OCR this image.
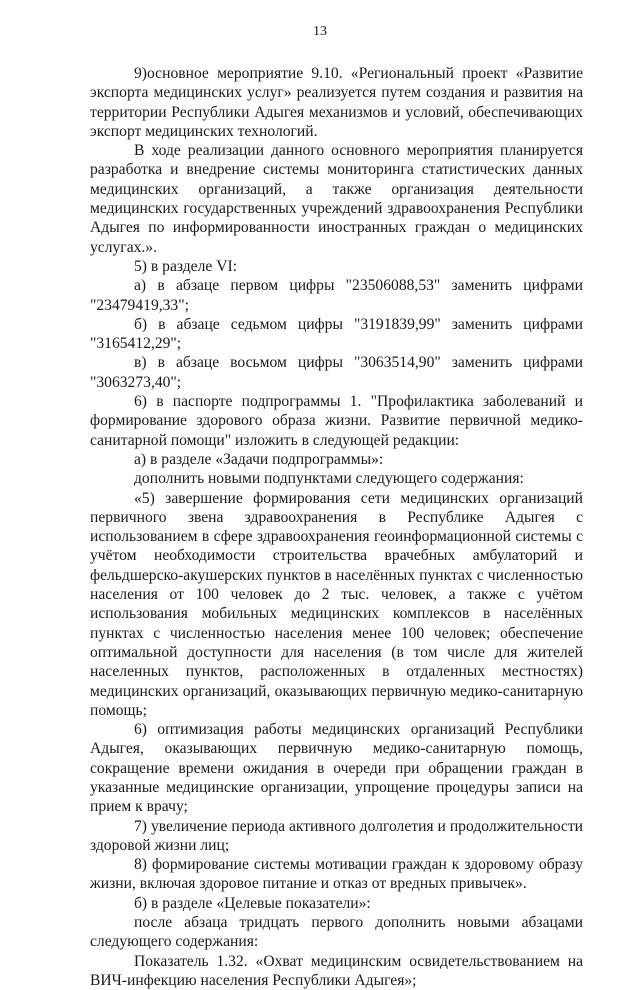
13

9)основное мероприятие 9.10. «Региональный проект «Развитие экспорта медицинских услуг» реализуется путем создания и развития на территории Республики Адыгея механизмов и условий, обеспечивающих экспорт медицинских технологий.

В ходе реализации данного основного мероприятия планируется разработка и внедрение системы мониторинга статистических данных медицинских организаций, а также организация деятельности медицинских государственных учреждений здравоохранения Республики Адыгея по информированности иностранных граждан о медицинских услугах.».

5) в разделе VI:

а) в абзаце первом цифры "23506088,53" заменить цифрами "23479419,33";

б) в абзаце седьмом цифры "3191839,99" заменить цифрами "3165412,29";

в) в абзаце восьмом цифры "3063514,90" заменить цифрами "3063273,40";

6) в паспорте подпрограммы 1. "Профилактика заболеваний и формирование здорового образа жизни. Развитие первичной медико-санитарной помощи" изложить в следующей редакции:

а) в разделе «Задачи подпрограммы»:

дополнить новыми подпунктами следующего содержания:

«5) завершение формирования сети медицинских организаций первичного звена здравоохранения в Республике Адыгея с использованием в сфере здравоохранения геоинформационной системы с учётом необходимости строительства врачебных амбулаторий и фельдшерско-акушерских пунктов в населённых пунктах с численностью населения от 100 человек до 2 тыс. человек, а также с учётом использования мобильных медицинских комплексов в населённых пунктах с численностью населения менее 100 человек; обеспечение оптимальной доступности для населения (в том числе для жителей населенных пунктов, расположенных в отдаленных местностях) медицинских организаций, оказывающих первичную медико-санитарную помощь;

6) оптимизация работы медицинских организаций Республики Адыгея, оказывающих первичную медико-санитарную помощь, сокращение времени ожидания в очереди при обращении граждан в указанные медицинские организации, упрощение процедуры записи на прием к врачу;

7) увеличение периода активного долголетия и продолжительности здоровой жизни лиц;

8) формирование системы мотивации граждан к здоровому образу жизни, включая здоровое питание и отказ от вредных привычек».

б) в разделе «Целевые показатели»:

после абзаца тридцать первого дополнить новыми абзацами следующего содержания:

Показатель 1.32. «Охват медицинским освидетельствованием на ВИЧ-инфекцию населения Республики Адыгея»;
